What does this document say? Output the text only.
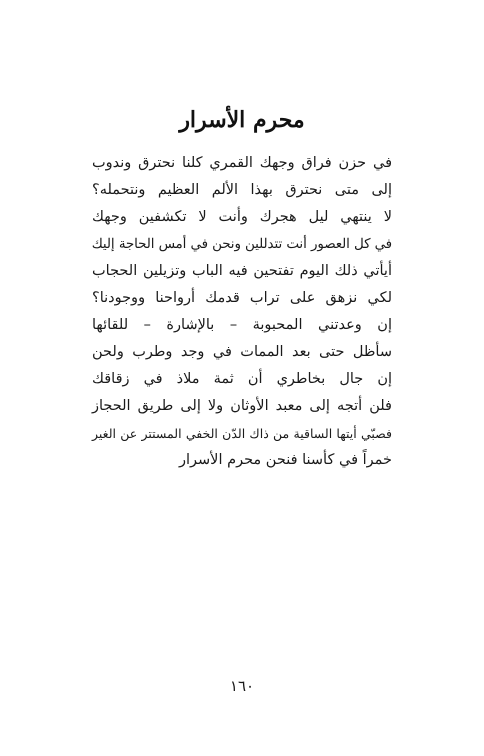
محرم الأسرار
في حزن فراق وجهك القمري كلنا نحترق وندوب
إلى متى نحترق بهذا الألم العظيم ونتحمله؟
لا ينتهي ليل هجرك وأنت لا تكشفين وجهك
في كل العصور أنت تتدللين ونحن في أمس الحاجة إليك
أيأتي ذلك اليوم تفتحين فيه الباب وتزيلين الحجاب
لكي نزهق على تراب قدمك أرواحنا ووجودنا؟
إن وعدتني المحبوبة – بالإشارة – للقائها
سأظل حتى بعد الممات في وجد وطرب ولحن
إن جال بخاطري أن ثمة ملاذ في زقاقك
فلن أتجه إلى معبد الأوثان ولا إلى طريق الحجاز
فصبّي أيتها الساقية من ذاك الدّن الخفي المستتر عن الغير
خمراً في كأسنا فنحن محرم الأسرار
١٦٠
